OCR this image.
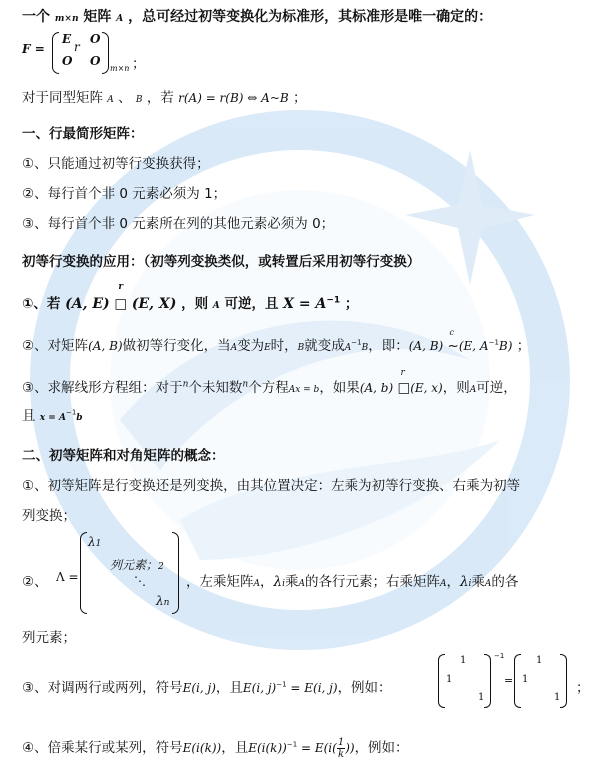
一个 m×n 矩阵 A ，总可经过初等变换化为标准形，其标准形是唯一确定的：
F =
E
r
O
O O
m×n ；
对于同型矩阵 A 、 B ，若 r(A) = r(B) ⇔ A~B ；
一、行最简形矩阵：
①、只能通过初等行变换获得；
②、每行首个非 0 元素必须为 1；
③、每行首个非 0 元素所在列的其他元素必须为 0；
初等行变换的应用：（初等列变换类似，或转置后采用初等行变换）
①、若 (A, E)
r
□ (E, X) ，则 A 可逆，且 $X = A^{-1}$ ；
②、对矩阵(A, B)做初等行变化，当A变为E时，B就变成$A^{-1}B$，即：(A, B)
c
~(E, $A^{-1}B$) ；
③、求解线形方程组：对于$^n$个未知数$^n$个方程Ax = b，如果(A, b)
r
□(E, x)，则A可逆，
且 $x = A^{-1}b$
二、初等矩阵和对角矩阵的概念：
①、初等矩阵是行变换还是列变换，由其位置决定：左乘为初等行变换、右乘为初等
列变换；
②、 Λ =
λ1
列元素；2
⋱
λn
，左乘矩阵A，λi乘A的各行元素；右乘矩阵A，λi乘A的各
列元素；
③、对调两行或两列，符号E(i, j)，且E(i, j)$^{-1}$ = E(i, j)，例如：
1
1
1
−1
=
1
1
1
；
④、倍乘某行或某列，符号E(i(k))，且$E(i(k))^{-1} = E(i( \frac{1}{k}))$，例如：
